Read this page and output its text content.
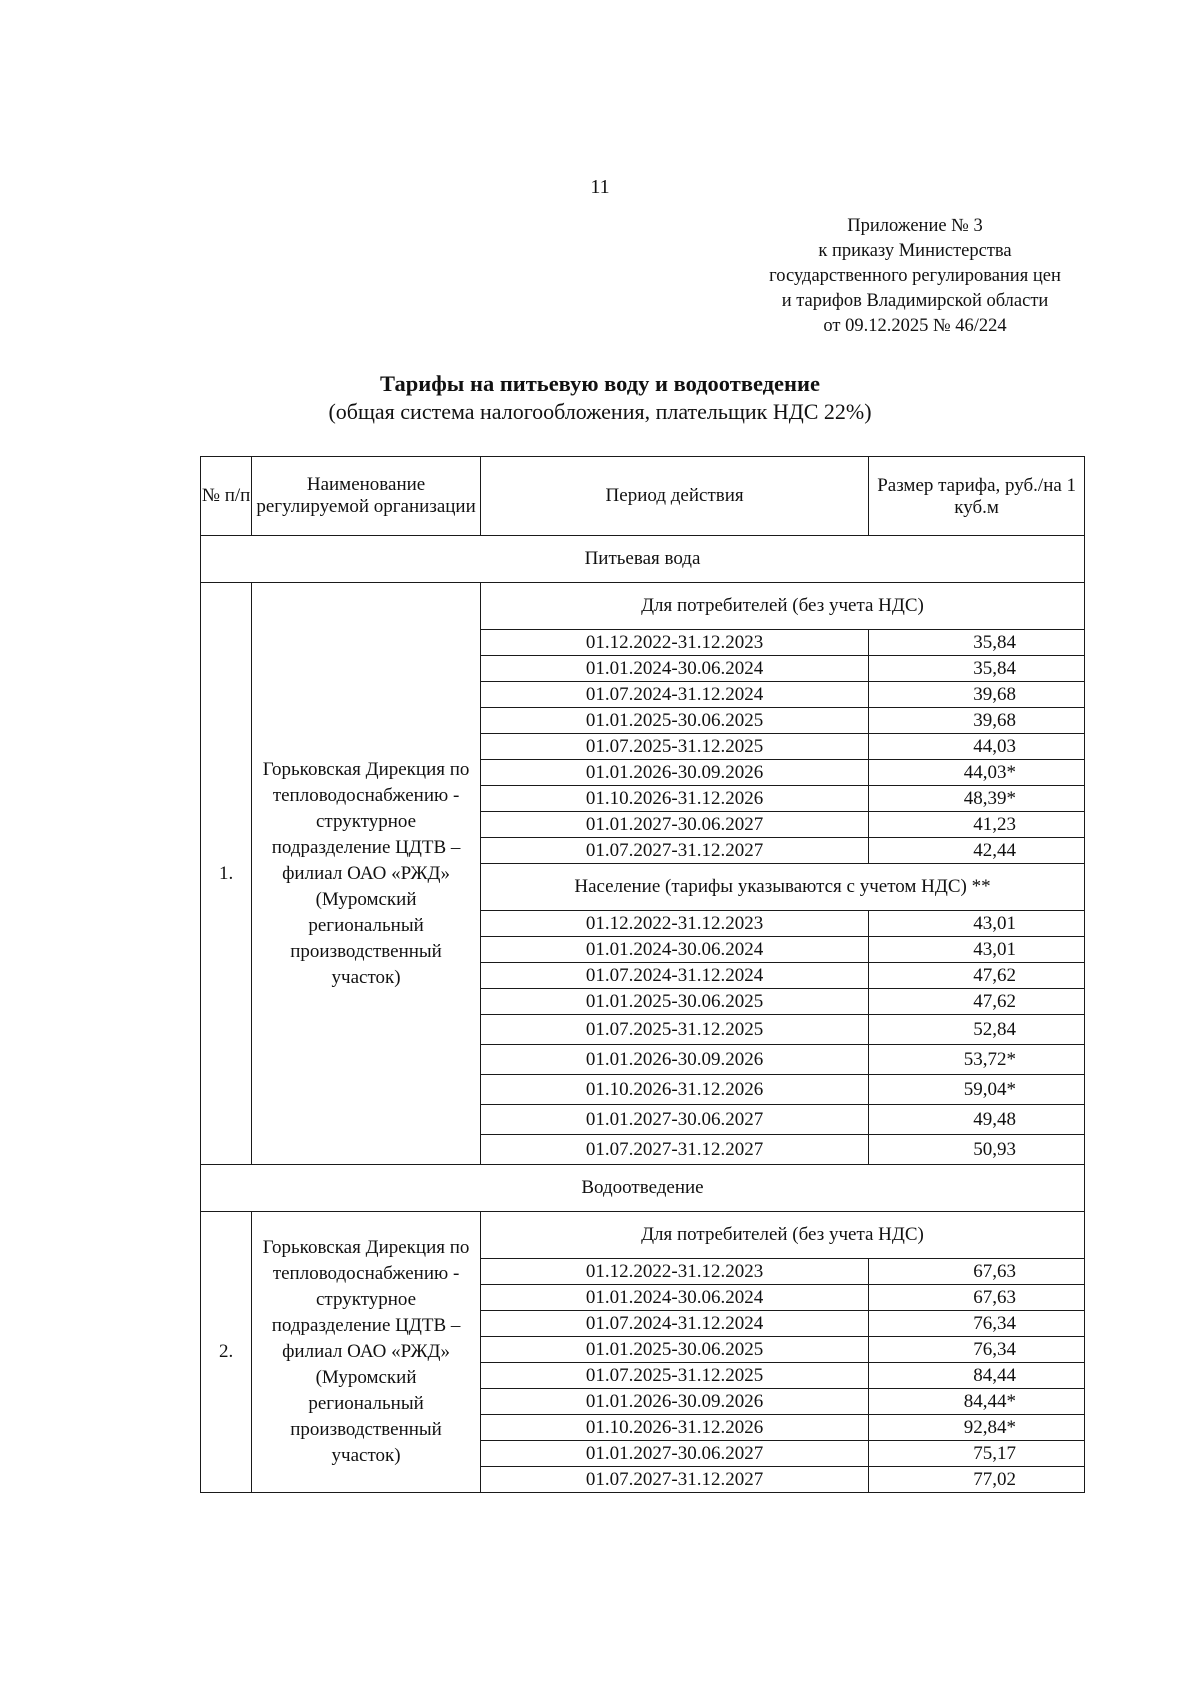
11
Приложение № 3
к приказу Министерства
государственного регулирования цен
и тарифов Владимирской области
от 09.12.2025 № 46/224
Тарифы на питьевую воду и водоотведение
(общая система налогообложения, плательщик НДС 22%)
№ п/п	Наименование регулируемой организации	Период действия	Размер тарифа, руб./на 1 куб.м
Питьевая вода			
1.	Горьковская Дирекция по тепловодоснабжению - структурное подразделение ЦДТВ – филиал ОАО «РЖД» (Муромский региональный производственный участок)	Для потребителей (без учета НДС)	
		01.12.2022-31.12.2023	35,84
		01.01.2024-30.06.2024	35,84
		01.07.2024-31.12.2024	39,68
		01.01.2025-30.06.2025	39,68
		01.07.2025-31.12.2025	44,03
		01.01.2026-30.09.2026	44,03*
		01.10.2026-31.12.2026	48,39*
		01.01.2027-30.06.2027	41,23
		01.07.2027-31.12.2027	42,44
		Население (тарифы указываются с учетом НДС) **	
		01.12.2022-31.12.2023	43,01
		01.01.2024-30.06.2024	43,01
		01.07.2024-31.12.2024	47,62
		01.01.2025-30.06.2025	47,62
		01.07.2025-31.12.2025	52,84
		01.01.2026-30.09.2026	53,72*
		01.10.2026-31.12.2026	59,04*
		01.01.2027-30.06.2027	49,48
		01.07.2027-31.12.2027	50,93
Водоотведение			
2.	Горьковская Дирекция по тепловодоснабжению - структурное подразделение ЦДТВ – филиал ОАО «РЖД» (Муромский региональный производственный участок)	Для потребителей (без учета НДС)	
		01.12.2022-31.12.2023	67,63
		01.01.2024-30.06.2024	67,63
		01.07.2024-31.12.2024	76,34
		01.01.2025-30.06.2025	76,34
		01.07.2025-31.12.2025	84,44
		01.01.2026-30.09.2026	84,44*
		01.10.2026-31.12.2026	92,84*
		01.01.2027-30.06.2027	75,17
		01.07.2027-31.12.2027	77,02
